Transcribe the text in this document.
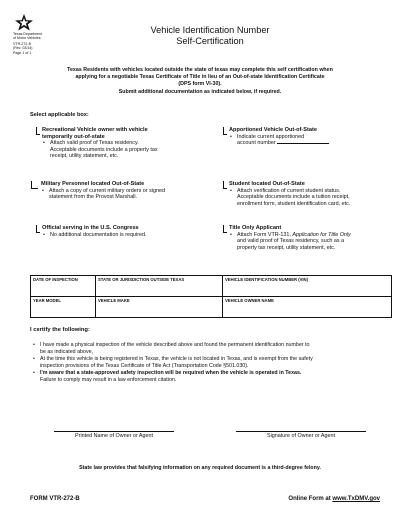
Texas Department
of Motor Vehicles
VTR-272-B
(Rev. 03/14)
Page 1 of 1
Vehicle Identification Number
Self-Certification
Texas Residents with vehicles located outside the state of texas may complete this self certification when
applying for a negotiable Texas Certificate of Title in lieu of an Out-of-state Identification Certificate
(DPS form VI-30).
Submit additional documentation as indicated below, if required.
Select applicable box:
Recreational Vehicle owner with vehicle
temporarily out-of-state
• Attach valid proof of Texas residency.
Acceptable documents include a property tax
receipt, utility statement, etc.
Military Personnel located Out-of-State
• Attach a copy of current military orders or signed
statement from the Provost Marshall.
Official serving in the U.S. Congress
• No additional documentation is required.
Apportioned Vehicle Out-of-State
• Indicate current apportioned
account number
Student located Out-of-State
• Attach verification of current student status.
Acceptable documents include a tuition receipt,
enrollment form, student identification card, etc.
Title Only Applicant
• Attach Form VTR-131, Application for Title Only
and valid proof of Texas residency, such as a
property tax receipt, utility statement, etc.
DATE OF INSPECTION	STATE OR JURISDICTION OUTSIDE TEXAS	VEHICLE IDENTIFICATION NUMBER (VIN)
YEAR MODEL	VEHICLE MAKE	VEHICLE OWNER NAME
I certify the following:
• I have made a physical inspection of the vehicle described above and found the permanent identification number to
be as indicated above,
• At the time this vehicle is being registered in Texas, the vehicle is not located in Texas, and is exempt from the safety
inspection provisions of the Texas Certificate of Title Act (Transportation Code §501.030).
• I'm aware that a state-approved safety inspection will be required when the vehicle is operated in Texas.
Failure to comply may result in a law enforcement citation.
Printed Name of Owner or Agent	Signature of Owner or Agent
State law provides that falsifying information on any required document is a third-degree felony.
FORM VTR-272-B	Online Form at www.TxDMV.gov
